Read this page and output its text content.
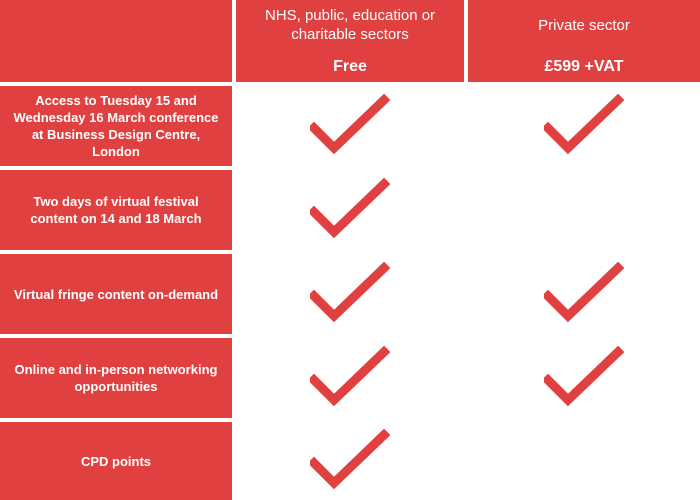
NHS, public, education or charitable sectors
Free
Private sector
£599 +VAT
Access to Tuesday 15 and Wednesday 16 March conference at Business Design Centre, London
Two days of virtual festival content on 14 and 18 March
Virtual fringe content on-demand
Online and in-person networking opportunities
CPD points
